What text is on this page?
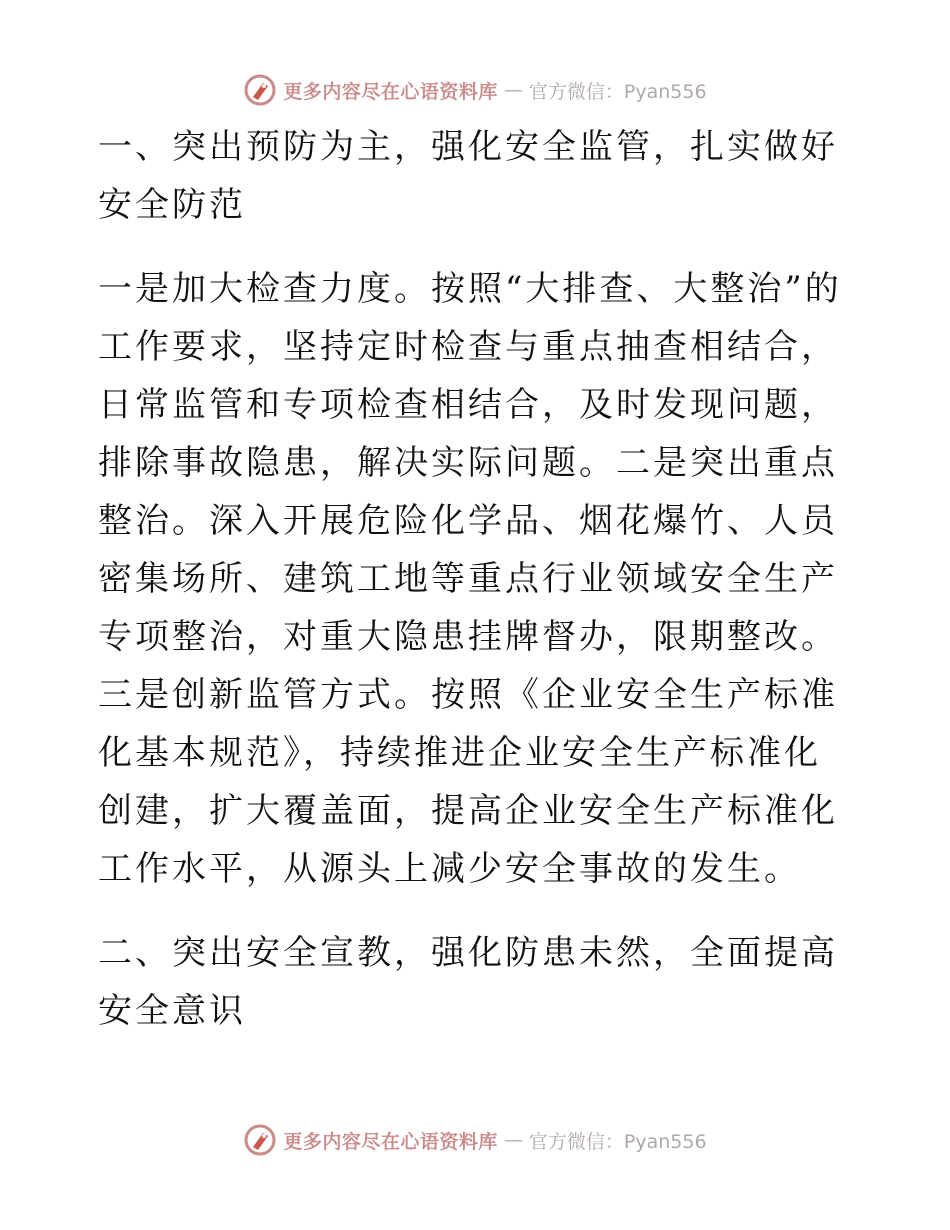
更多内容尽在心语资料库 — 官方微信：Pyan556

一、突出预防为主，强化安全监管，扎实做好安全防范

一是加大检查力度。按照“大排查、大整治”的工作要求，坚持定时检查与重点抽查相结合，日常监管和专项检查相结合，及时发现问题，排除事故隐患，解决实际问题。二是突出重点整治。深入开展危险化学品、烟花爆竹、人员密集场所、建筑工地等重点行业领域安全生产专项整治，对重大隐患挂牌督办，限期整改。三是创新监管方式。按照《企业安全生产标准化基本规范》，持续推进企业安全生产标准化创建，扩大覆盖面，提高企业安全生产标准化工作水平，从源头上减少安全事故的发生。

二、突出安全宣教，强化防患未然，全面提高安全意识

更多内容尽在心语资料库 — 官方微信：Pyan556
